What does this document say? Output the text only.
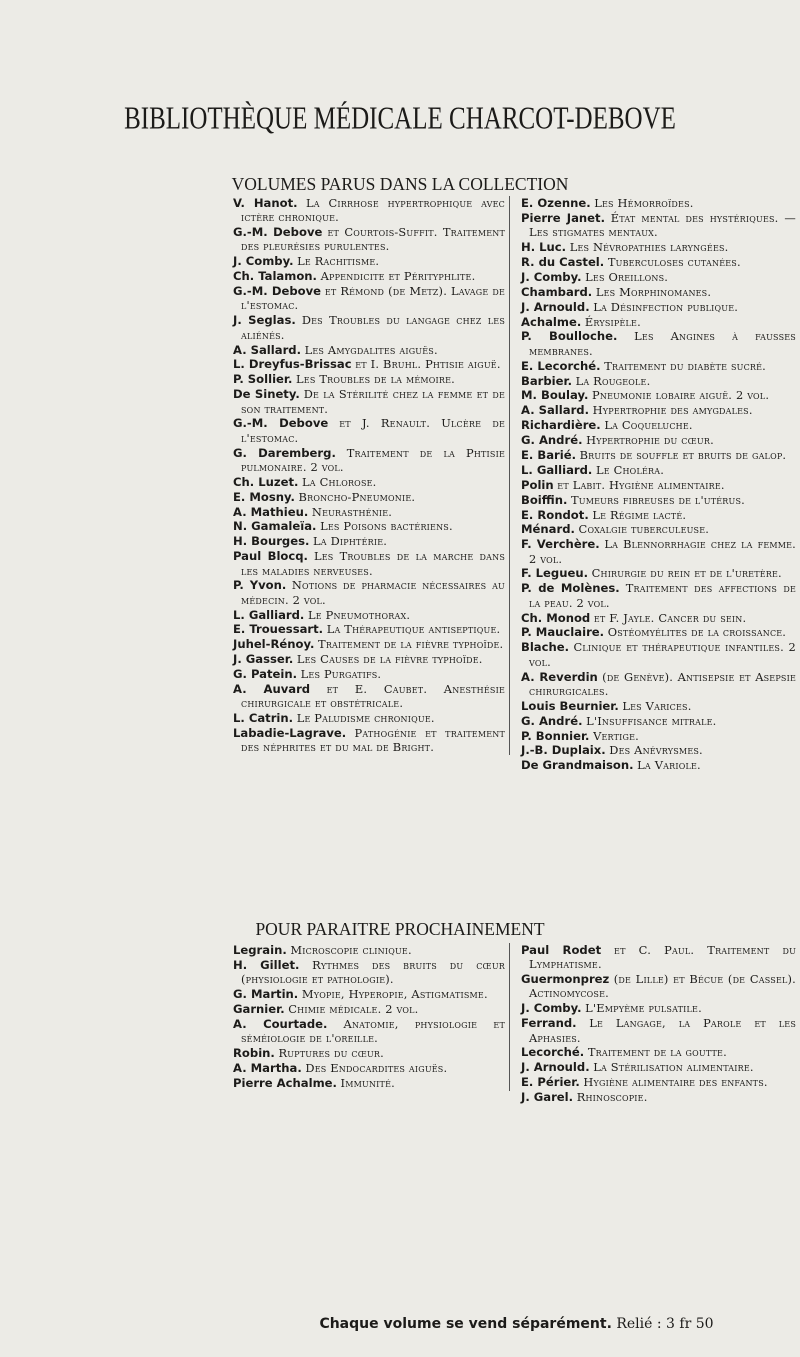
BIBLIOTHÈQUE MÉDICALE CHARCOT-DEBOVE
VOLUMES PARUS DANS LA COLLECTION

V. Hanot. La Cirrhose hypertrophique avec ictère chronique.

G.-M. Debove et Courtois-Suffit. Traitement des pleurésies purulentes.

J. Comby. Le Rachitisme.

Ch. Talamon. Appendicite et Pérityphlite.

G.-M. Debove et Rémond (de Metz). Lavage de l'estomac.

J. Seglas. Des Troubles du langage chez les aliénés.

A. Sallard. Les Amygdalites aiguës.

L. Dreyfus-Brissac et I. Bruhl. Phtisie aiguë.

P. Sollier. Les Troubles de la mémoire.

De Sinety. De la Stérilité chez la femme et de son traitement.

G.-M. Debove et J. Renault. Ulcère de l'estomac.

G. Daremberg. Traitement de la Phtisie pulmonaire. 2 vol.

Ch. Luzet. La Chlorose.

E. Mosny. Broncho-Pneumonie.

A. Mathieu. Neurasthénie.

N. Gamaleïa. Les Poisons bactériens.

H. Bourges. La Diphtérie.

Paul Blocq. Les Troubles de la marche dans les maladies nerveuses.

P. Yvon. Notions de pharmacie nécessaires au médecin. 2 vol.

L. Galliard. Le Pneumothorax.

E. Trouessart. La Thérapeutique antiseptique.

Juhel-Rénoy. Traitement de la fièvre typhoïde.

J. Gasser. Les Causes de la fièvre typhoïde.

G. Patein. Les Purgatifs.

A. Auvard et E. Caubet. Anesthésie chirurgicale et obstétricale.

L. Catrin. Le Paludisme chronique.

Labadie-Lagrave. Pathogénie et traitement des néphrites et du mal de Bright.

E. Ozenne. Les Hémorroïdes.

Pierre Janet. État mental des hystériques. — Les stigmates mentaux.

H. Luc. Les Névropathies laryngées.

R. du Castel. Tuberculoses cutanées.

J. Comby. Les Oreillons.

Chambard. Les Morphinomanes.

J. Arnould. La Désinfection publique.

Achalme. Érysipèle.

P. Boulloche. Les Angines à fausses membranes.

E. Lecorché. Traitement du diabète sucré.

Barbier. La Rougeole.

M. Boulay. Pneumonie lobaire aiguë. 2 vol.

A. Sallard. Hypertrophie des amygdales.

Richardière. La Coqueluche.

G. André. Hypertrophie du cœur.

E. Barié. Bruits de souffle et bruits de galop.

L. Galliard. Le Choléra.

Polin et Labit. Hygiène alimentaire.

Boiffin. Tumeurs fibreuses de l'utérus.

E. Rondot. Le Régime lacté.

Ménard. Coxalgie tuberculeuse.

F. Verchère. La Blennorrhagie chez la femme. 2 vol.

F. Legueu. Chirurgie du rein et de l'uretère.

P. de Molènes. Traitement des affections de la peau. 2 vol.

Ch. Monod et F. Jayle. Cancer du sein.

P. Mauclaire. Ostéomyélites de la croissance.

Blache. Clinique et thérapeutique infantiles. 2 vol.

A. Reverdin (de Genève). Antisepsie et Asepsie chirurgicales.

Louis Beurnier. Les Varices.

G. André. L'Insuffisance mitrale.

P. Bonnier. Vertige.

J.-B. Duplaix. Des Anévrysmes.

De Grandmaison. La Variole.

POUR PARAITRE PROCHAINEMENT

Legrain. Microscopie clinique.

H. Gillet. Rythmes des bruits du cœur (physiologie et pathologie).

G. Martin. Myopie, Hyperopie, Astigmatisme.

Garnier. Chimie médicale. 2 vol.

A. Courtade. Anatomie, physiologie et séméiologie de l'oreille.

Robin. Ruptures du cœur.

A. Martha. Des Endocardites aiguës.

Pierre Achalme. Immunité.

Paul Rodet et C. Paul. Traitement du Lymphatisme.

Guermonprez (de Lille) et Bécue (de Cassel). Actinomycose.

J. Comby. L'Empyème pulsatile.

Ferrand. Le Langage, la Parole et les Aphasies.

Lecorché. Traitement de la goutte.

J. Arnould. La Stérilisation alimentaire.

E. Périer. Hygiène alimentaire des enfants.

J. Garel. Rhinoscopie.

Chaque volume se vend séparément. Relié : 3 fr 50
